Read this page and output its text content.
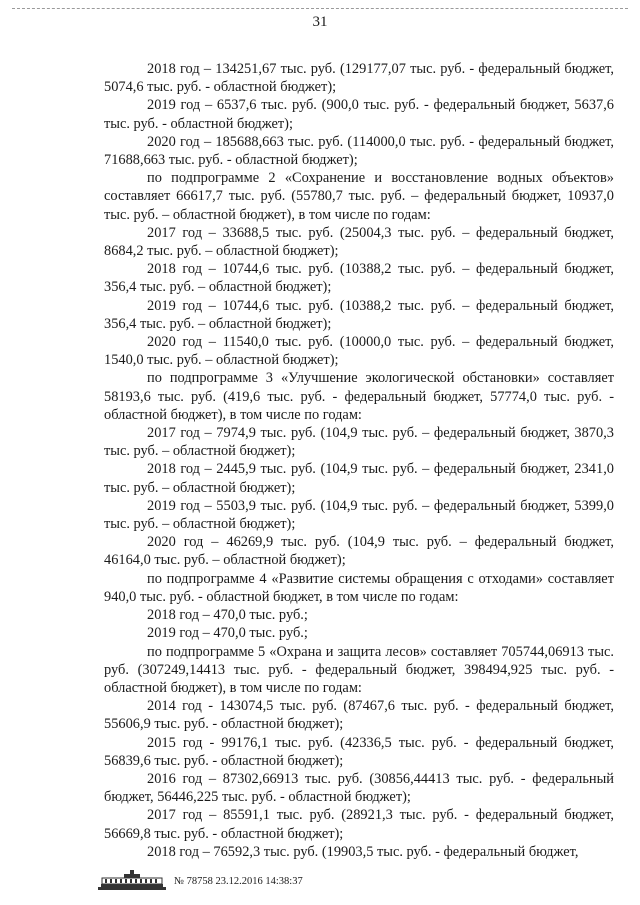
31

2018 год – 134251,67 тыс. руб. (129177,07 тыс. руб. - федеральный бюджет, 5074,6 тыс. руб. - областной бюджет);

2019 год – 6537,6 тыс. руб. (900,0 тыс. руб. - федеральный бюджет, 5637,6 тыс. руб. - областной бюджет);

2020 год – 185688,663 тыс. руб. (114000,0 тыс. руб. - федеральный бюджет, 71688,663 тыс. руб. - областной бюджет);

по подпрограмме 2 «Сохранение и восстановление водных объектов» составляет 66617,7 тыс. руб. (55780,7 тыс. руб. – федеральный бюджет, 10937,0 тыс. руб. – областной бюджет), в том числе по годам:

2017 год – 33688,5 тыс. руб. (25004,3 тыс. руб. – федеральный бюджет, 8684,2 тыс. руб. – областной бюджет);

2018 год – 10744,6 тыс. руб. (10388,2 тыс. руб. – федеральный бюджет, 356,4 тыс. руб. – областной бюджет);

2019 год – 10744,6 тыс. руб. (10388,2 тыс. руб. – федеральный бюджет, 356,4 тыс. руб. – областной бюджет);

2020 год – 11540,0 тыс. руб. (10000,0 тыс. руб. – федеральный бюджет, 1540,0 тыс. руб. – областной бюджет);

по подпрограмме 3 «Улучшение экологической обстановки» составляет 58193,6 тыс. руб. (419,6 тыс. руб. - федеральный бюджет, 57774,0 тыс. руб. - областной бюджет), в том числе по годам:

2017 год – 7974,9 тыс. руб. (104,9 тыс. руб. – федеральный бюджет, 3870,3 тыс. руб. – областной бюджет);

2018 год – 2445,9 тыс. руб. (104,9 тыс. руб. – федеральный бюджет, 2341,0 тыс. руб. – областной бюджет);

2019 год – 5503,9 тыс. руб. (104,9 тыс. руб. – федеральный бюджет, 5399,0 тыс. руб. – областной бюджет);

2020 год – 46269,9 тыс. руб. (104,9 тыс. руб. – федеральный бюджет, 46164,0 тыс. руб. – областной бюджет);

по подпрограмме 4 «Развитие системы обращения с отходами» составляет 940,0 тыс. руб. - областной бюджет, в том числе по годам:

2018 год – 470,0 тыс. руб.;

2019 год – 470,0 тыс. руб.;

по подпрограмме 5 «Охрана и защита лесов» составляет 705744,06913 тыс. руб. (307249,14413 тыс. руб. - федеральный бюджет, 398494,925 тыс. руб. - областной бюджет), в том числе по годам:

2014 год - 143074,5 тыс. руб. (87467,6 тыс. руб. - федеральный бюджет, 55606,9 тыс. руб. - областной бюджет);

2015 год - 99176,1 тыс. руб. (42336,5 тыс. руб. - федеральный бюджет, 56839,6 тыс. руб. - областной бюджет);

2016 год – 87302,66913 тыс. руб. (30856,44413 тыс. руб. - федеральный бюджет, 56446,225 тыс. руб. - областной бюджет);

2017 год – 85591,1 тыс. руб. (28921,3 тыс. руб. - федеральный бюджет, 56669,8 тыс. руб. - областной бюджет);

2018 год – 76592,3 тыс. руб. (19903,5 тыс. руб. - федеральный бюджет,

№ 78758 23.12.2016 14:38:37
